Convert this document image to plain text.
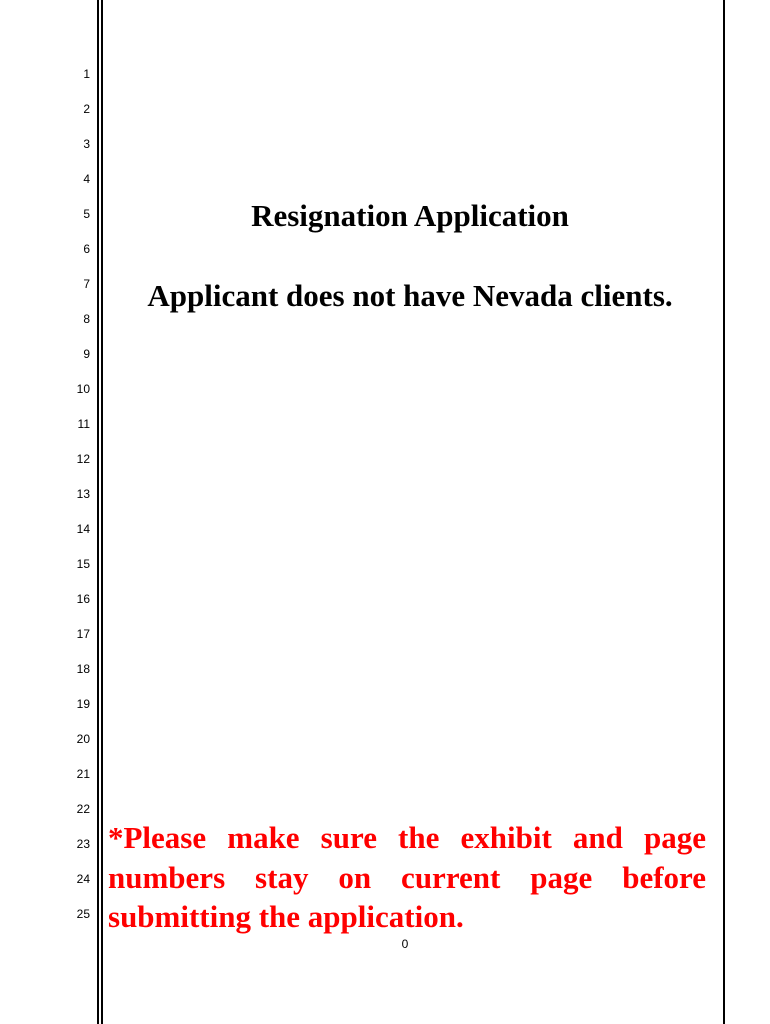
1
2
3
4
5
6
7
8
9
10
11
12
13
14
15
16
17
18
19
20
21
22
23
24
25
Resignation Application
Applicant does not have Nevada clients.

*Please make sure the exhibit and page numbers stay on current page before submitting the application.

0
